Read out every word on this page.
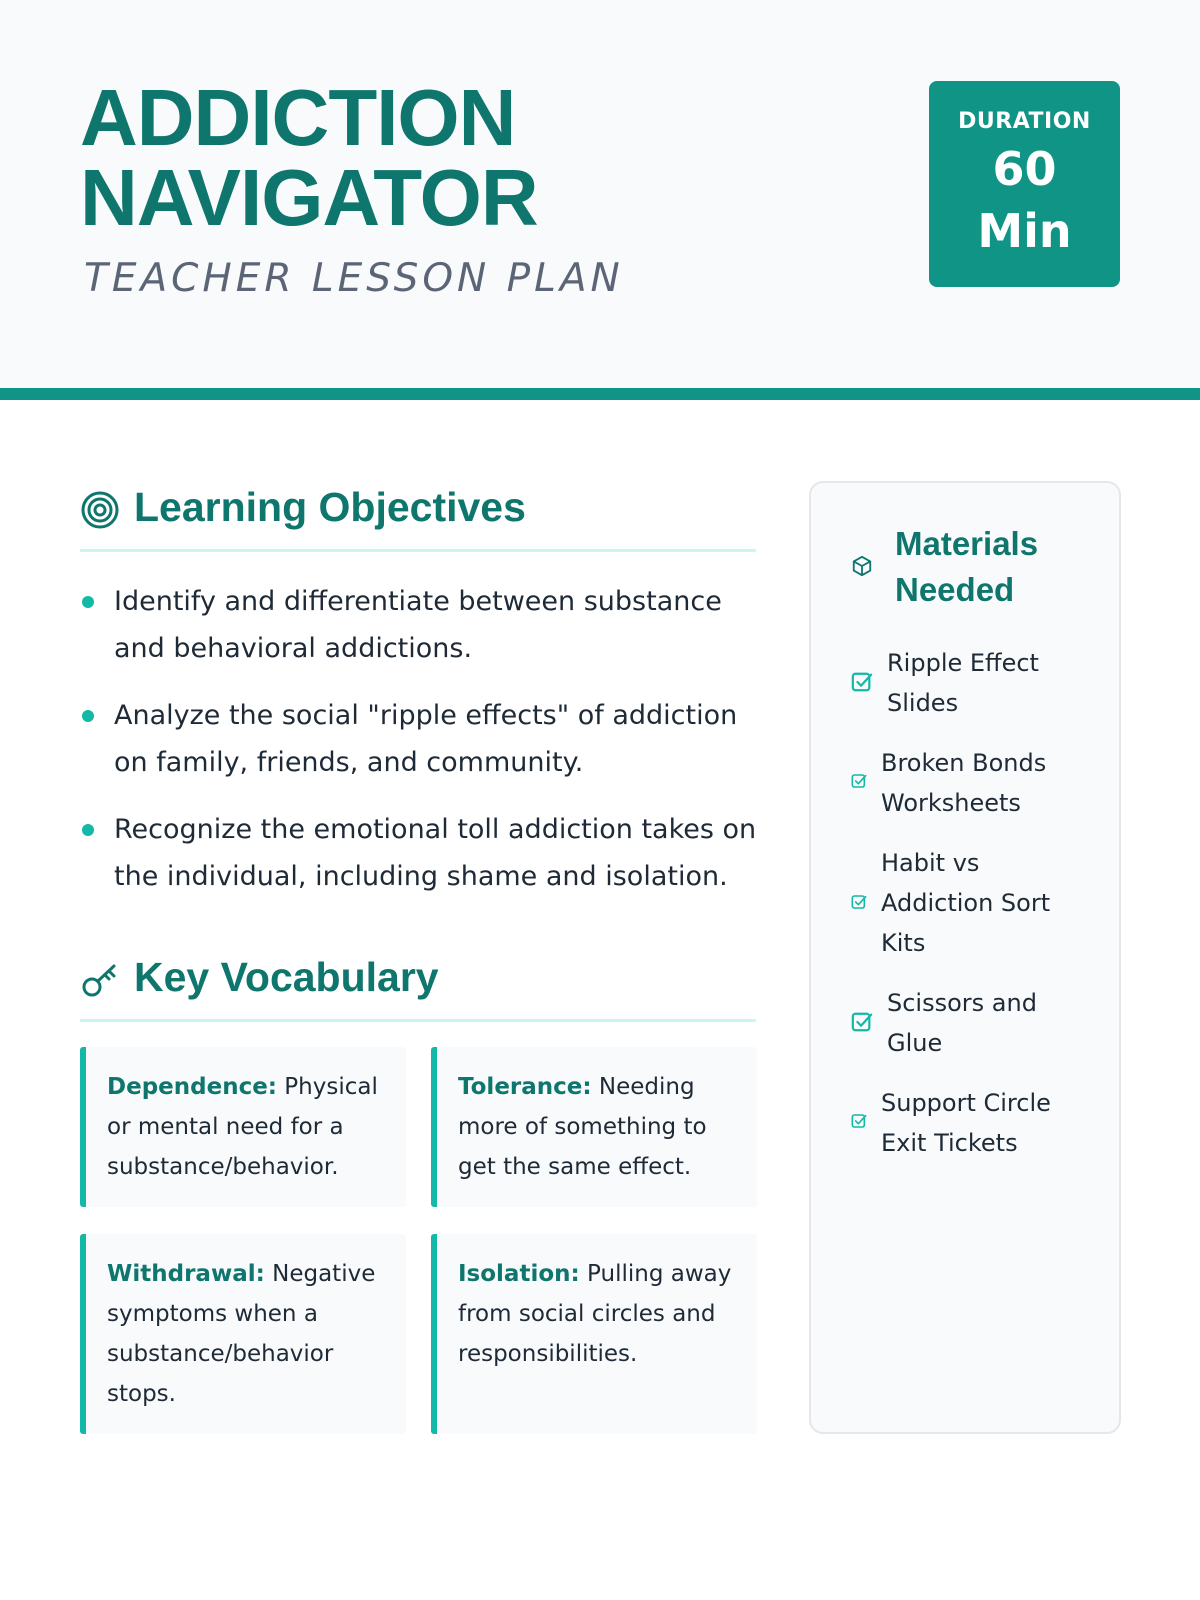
ADDICTION
NAVIGATOR
TEACHER LESSON PLAN
DURATION
60
Min
Learning Objectives
Identify and differentiate between substance and behavioral addictions.
Analyze the social "ripple effects" of addiction on family, friends, and community.
Recognize the emotional toll addiction takes on the individual, including shame and isolation.
Key Vocabulary
Dependence: Physical or mental need for a substance/behavior.
Tolerance: Needing more of something to get the same effect.
Withdrawal: Negative symptoms when a substance/behavior stops.
Isolation: Pulling away from social circles and responsibilities.
Materials Needed
Ripple Effect Slides
Broken Bonds Worksheets
Habit vs Addiction Sort Kits
Scissors and Glue
Support Circle Exit Tickets
